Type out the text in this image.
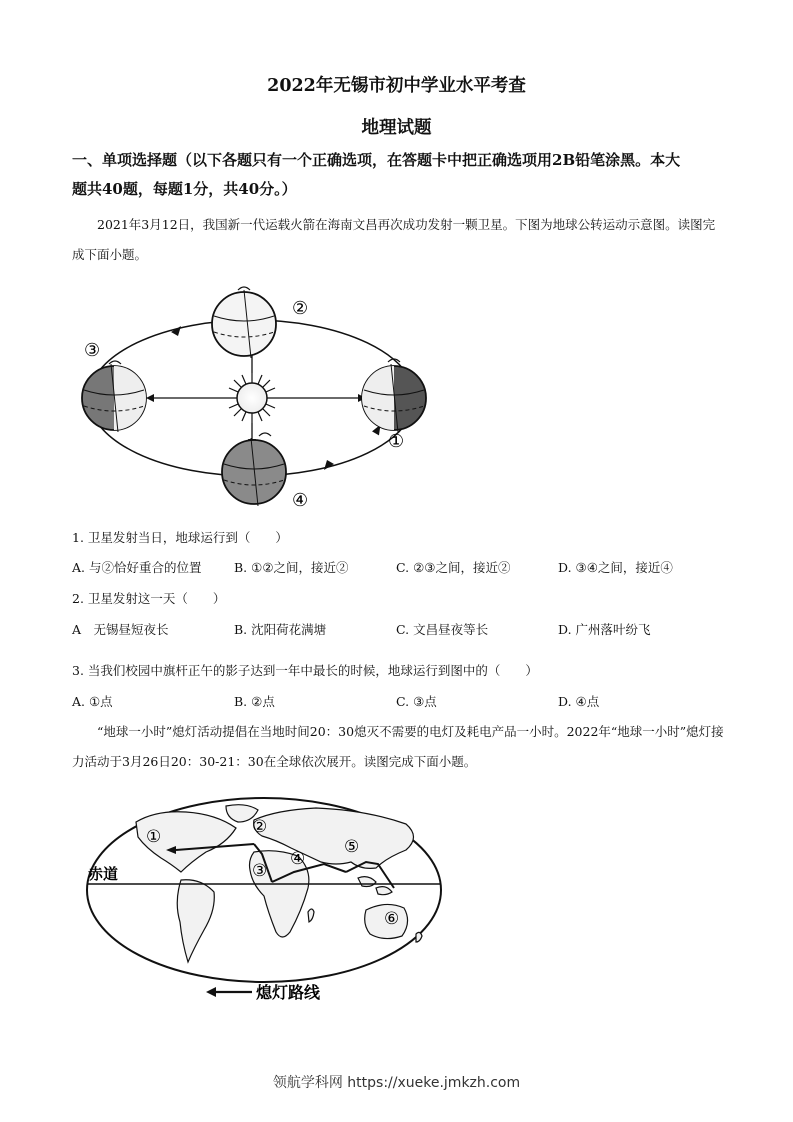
2022年无锡市初中学业水平考查
地理试题
一、单项选择题（以下各题只有一个正确选项，在答题卡中把正确选项用2B铅笔涂黑。本大
题共40题，每题1分，共40分。）
2021年3月12日，我国新一代运载火箭在海南文昌再次成功发射一颗卫星。下图为地球公转运动示意图。读图完成下面小题。
②
③
①
④
1. 卫星发射当日，地球运行到（　　）
A. 与②恰好重合的位置	B. ①②之间，接近②	C. ②③之间，接近②	D. ③④之间，接近④
2. 卫星发射这一天（　　）
A　无锡昼短夜长	B. 沈阳荷花满塘	C. 文昌昼夜等长	D. 广州落叶纷飞
3. 当我们校园中旗杆正午的影子达到一年中最长的时候，地球运行到图中的（　　）
A. ①点	B. ②点	C. ③点	D. ④点
“地球一小时”熄灯活动提倡在当地时间20：30熄灭不需要的电灯及耗电产品一小时。2022年“地球一小时”熄灯接力活动于3月26日20：30-21：30在全球依次展开。读图完成下面小题。
赤道
①	②
③
④
⑤
⑥
熄灯路线
领航学科网 https://xueke.jmkzh.com
